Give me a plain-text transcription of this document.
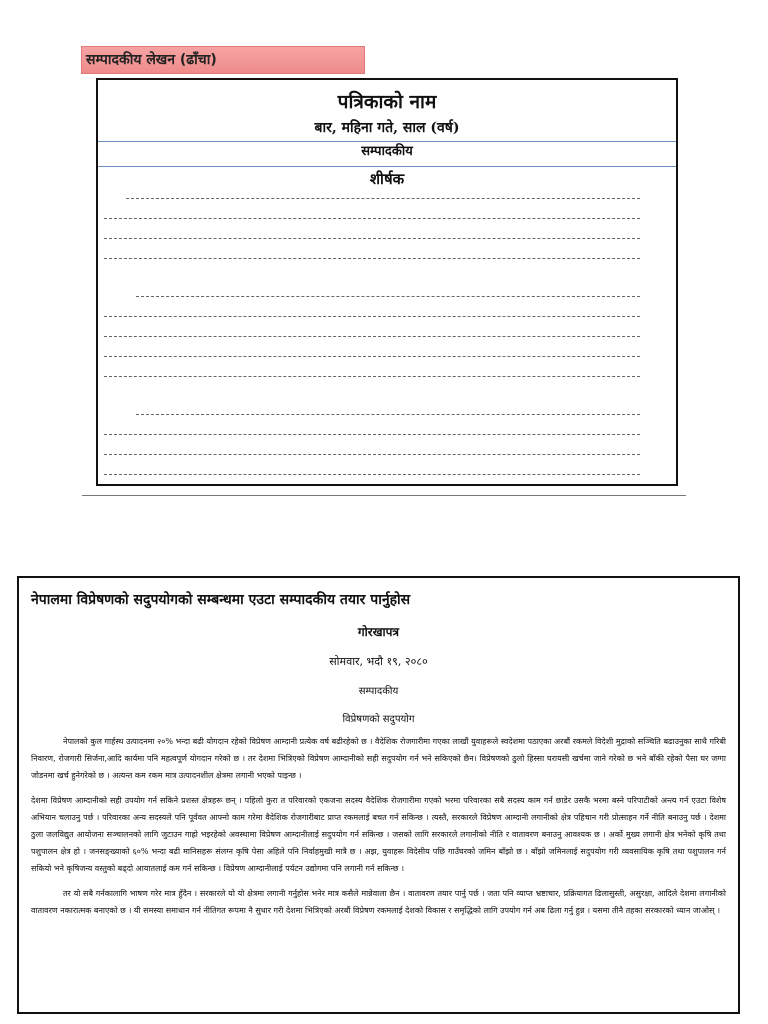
सम्पादकीय लेखन (ढाँचा)
पत्रिकाको नाम
बार, महिना गते, साल (वर्ष)
सम्पादकीय
शीर्षक
नेपालमा विप्रेषणको सदुपयोगको सम्बन्धमा एउटा सम्पादकीय तयार पार्नुहोस
गोरखापत्र
सोमवार, भदौ १९, २०८०
सम्पादकीय
विप्रेषणको सदुपयोग

नेपालको कुल गार्हस्थ उत्पादनमा २०% भन्दा बढी योगदान रहेको विप्रेषण आम्दानी प्रत्येक वर्ष बढीरहेको छ । वैदेशिक रोजगारीमा गएका लाखौं युवाहरूले स्वदेशमा पठाएका अरबौं रकमले विदेशी मुद्राको सञ्चिति बढाउनुका साथै गरिबी निवारण, रोजगारी सिर्जना,आदि कार्यमा पनि महत्वपूर्ण योगदान गरेको छ । तर देशमा भित्रिएको विप्रेषण आम्दानीको सही सदुपयोग गर्न भने सकिएको छैन। विप्रेषणको ठुलो हिस्सा घरायसी खर्चमा जाने गरेको छ भने बाँकी रहेको पैसा घर जग्गा जोडनमा खर्च हुनेगरेको छ । अत्यन्त कम रकम मात्र उत्पादनशील क्षेत्रमा लगानी भएको पाइन्छ ।

देशमा विप्रेषण आम्दानीको सही उपयोग गर्न सकिने प्रशस्त क्षेत्रहरू छन् । पहिलो कुरा त परिवारको एकजना सदस्य वैदेशिक रोजगारीमा गएको भरमा परिवारका सबै सदस्य काम गर्न छाडेर उसकै भरमा बस्ने परिपाटीको अन्त्य गर्न एउटा विशेष अभियान चलाउनु पर्छ । परिवारका अन्य सदस्यले पनि पूर्ववत आफ्नो काम गरेमा वैदेशिक रोजगारीबाट प्राप्त रकमलाई बचत गर्न सकिन्छ । त्यस्तै, सरकारले विप्रेषण आम्दानी लगानीको क्षेत्र पहिचान गरी प्रोत्साहन गर्ने नीति बनाउनु पर्छ । देशमा ठुला जलविद्युत आयोजना सञ्चालनको लागि जुटाउन गाह्रो भइरहेको अवस्थामा विप्रेषण आम्दानीलाई सदुपयोग गर्न सकिन्छ । जसको लागि सरकारले लगानीको नीति र वातावरण बनाउनु आवश्यक छ । अर्को मुख्य लगानी क्षेत्र भनेको कृषि तथा पशुपालन क्षेत्र हो । जनसङ्ख्याको ६०% भन्दा बढी मानिसहरू संलग्न कृषि पेसा अहिले पनि निर्वाहमुखी मात्रै छ । अझ, युवाहरू विदेसीय पछि गाउँघरको जमिन बाँझो छ । बाँझो जमिनलाई सदुपयोग गरी व्यवसायिक कृषि तथा पशुपालन गर्न सकियो भने कृषिजन्य वस्तुको बढ्दो आयातलाई कम गर्न सकिन्छ । विप्रेषण आम्दानीलाई पर्यटन उद्योगमा पनि लगानी गर्न सकिन्छ ।

तर यो सबै गर्नकालागि भाषण गरेर मात्र हुँदैन । सरकारले यो यो क्षेत्रमा लगानी गर्नुहोस भनेर मात्र कसैले मान्नेवाला छैन । वातावरण तयार पार्नु पर्छ । जता पनि व्याप्त भ्रष्टाचार, प्रक्रियागत ढिलासुस्ती, असुरक्षा, आदिले देशमा लगानीको वातावरण नकारात्मक बनाएको छ । यी समस्या समाधान गर्न नीतिगत रूपमा नै सुधार गरी देशमा भित्रिएको अरबौं विप्रेषण रकमलाई देशको विकास र समृद्धिको लागि उपयोग गर्न अब ढिला गर्नु हुन्न । यसमा तीनै तहका सरकारको ध्यान जाओस् ।
